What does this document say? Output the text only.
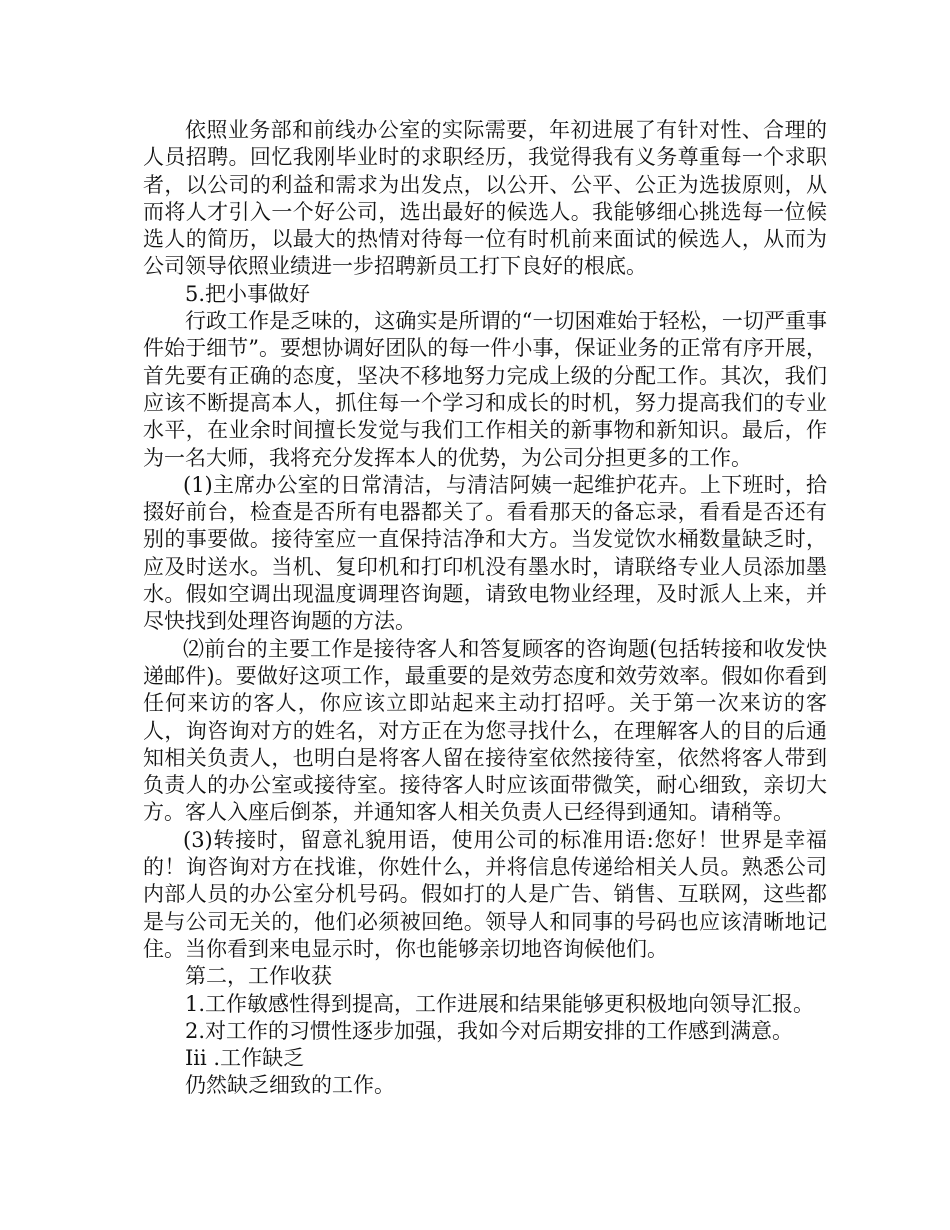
依照业务部和前线办公室的实际需要，年初进展了有针对性、合理的人员招聘。回忆我刚毕业时的求职经历，我觉得我有义务尊重每一个求职者，以公司的利益和需求为出发点，以公开、公平、公正为选拔原则，从而将人才引入一个好公司，选出最好的候选人。我能够细心挑选每一位候选人的简历，以最大的热情对待每一位有时机前来面试的候选人，从而为公司领导依照业绩进一步招聘新员工打下良好的根底。

5.把小事做好

行政工作是乏味的，这确实是所谓的“一切困难始于轻松，一切严重事件始于细节”。要想协调好团队的每一件小事，保证业务的正常有序开展，首先要有正确的态度，坚决不移地努力完成上级的分配工作。其次，我们应该不断提高本人，抓住每一个学习和成长的时机，努力提高我们的专业水平，在业余时间擅长发觉与我们工作相关的新事物和新知识。最后，作为一名大师，我将充分发挥本人的优势，为公司分担更多的工作。

(1)主席办公室的日常清洁，与清洁阿姨一起维护花卉。上下班时，拾掇好前台，检查是否所有电器都关了。看看那天的备忘录，看看是否还有别的事要做。接待室应一直保持洁净和大方。当发觉饮水桶数量缺乏时，应及时送水。当机、复印机和打印机没有墨水时，请联络专业人员添加墨水。假如空调出现温度调理咨询题，请致电物业经理，及时派人上来，并尽快找到处理咨询题的方法。

⑵前台的主要工作是接待客人和答复顾客的咨询题(包括转接和收发快递邮件)。要做好这项工作，最重要的是效劳态度和效劳效率。假如你看到任何来访的客人，你应该立即站起来主动打招呼。关于第一次来访的客人，询咨询对方的姓名，对方正在为您寻找什么，在理解客人的目的后通知相关负责人，也明白是将客人留在接待室依然接待室，依然将客人带到负责人的办公室或接待室。接待客人时应该面带微笑，耐心细致，亲切大方。客人入座后倒茶，并通知客人相关负责人已经得到通知。请稍等。

(3)转接时，留意礼貌用语，使用公司的标准用语:您好！世界是幸福的！询咨询对方在找谁，你姓什么，并将信息传递给相关人员。熟悉公司内部人员的办公室分机号码。假如打的人是广告、销售、互联网，这些都是与公司无关的，他们必须被回绝。领导人和同事的号码也应该清晰地记住。当你看到来电显示时，你也能够亲切地咨询候他们。

第二，工作收获

1.工作敏感性得到提高，工作进展和结果能够更积极地向领导汇报。

2.对工作的习惯性逐步加强，我如今对后期安排的工作感到满意。

Iii .工作缺乏

仍然缺乏细致的工作。
